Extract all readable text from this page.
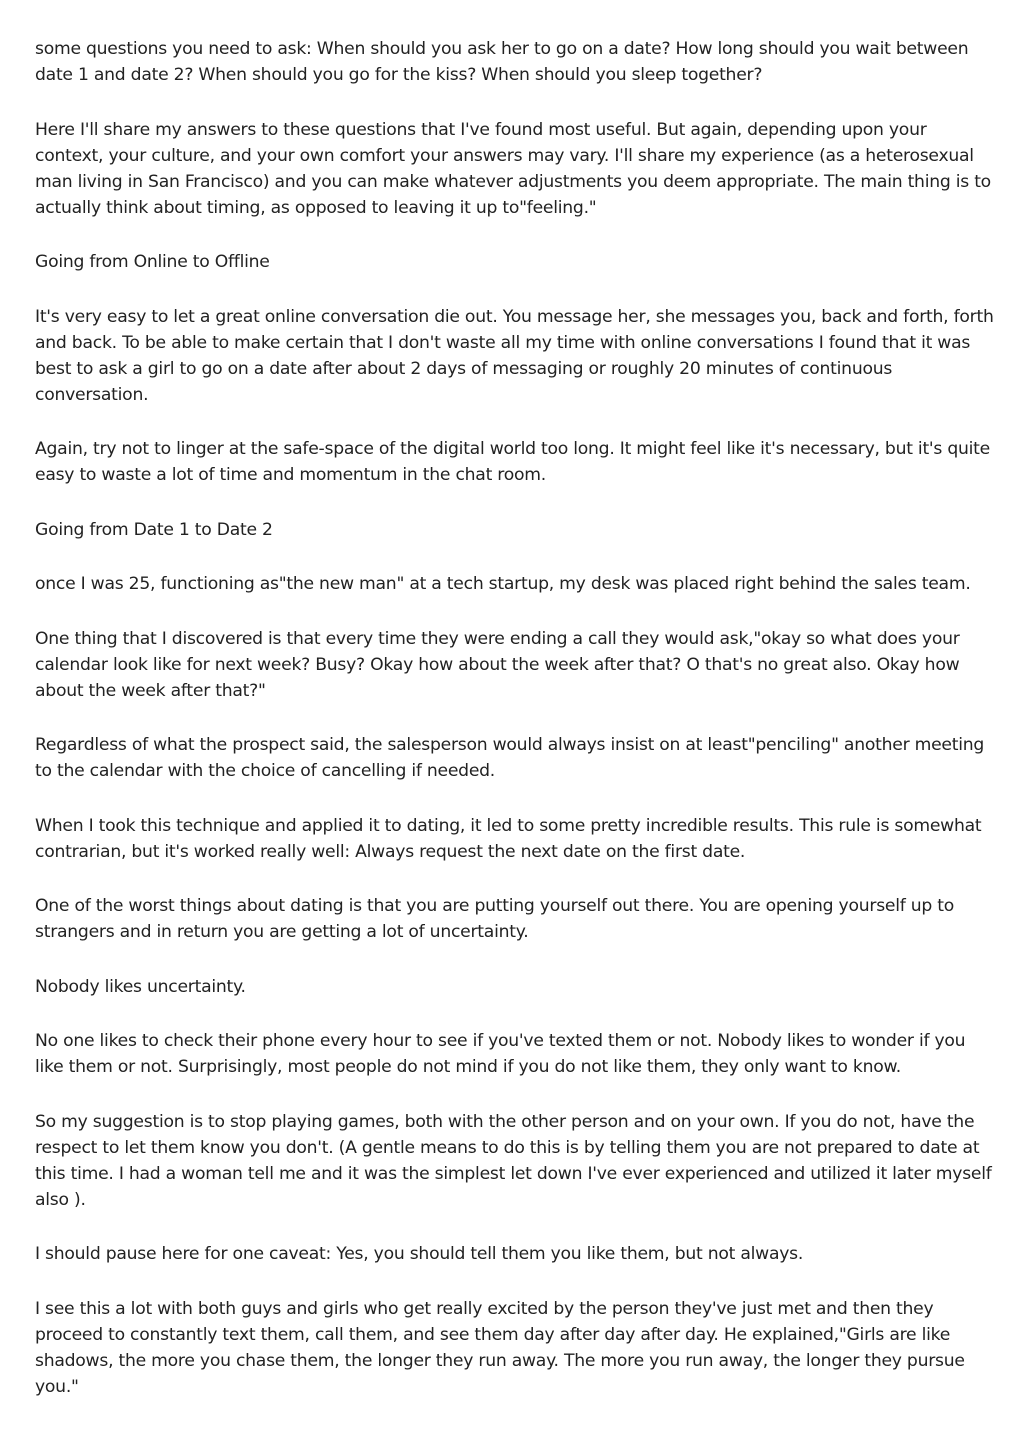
some questions you need to ask: When should you ask her to go on a date? How long should you wait between date 1 and date 2? When should you go for the kiss? When should you sleep together?

Here I'll share my answers to these questions that I've found most useful. But again, depending upon your context, your culture, and your own comfort your answers may vary. I'll share my experience (as a heterosexual man living in San Francisco) and you can make whatever adjustments you deem appropriate. The main thing is to actually think about timing, as opposed to leaving it up to"feeling."

Going from Online to Offline

It's very easy to let a great online conversation die out. You message her, she messages you, back and forth, forth and back. To be able to make certain that I don't waste all my time with online conversations I found that it was best to ask a girl to go on a date after about 2 days of messaging or roughly 20 minutes of continuous conversation.

Again, try not to linger at the safe-space of the digital world too long. It might feel like it's necessary, but it's quite easy to waste a lot of time and momentum in the chat room.

Going from Date 1 to Date 2

once I was 25, functioning as"the new man" at a tech startup, my desk was placed right behind the sales team.

One thing that I discovered is that every time they were ending a call they would ask,"okay so what does your calendar look like for next week? Busy? Okay how about the week after that? O that's no great also. Okay how about the week after that?"

Regardless of what the prospect said, the salesperson would always insist on at least"penciling" another meeting to the calendar with the choice of cancelling if needed.

When I took this technique and applied it to dating, it led to some pretty incredible results. This rule is somewhat contrarian, but it's worked really well: Always request the next date on the first date.

One of the worst things about dating is that you are putting yourself out there. You are opening yourself up to strangers and in return you are getting a lot of uncertainty.

Nobody likes uncertainty.

No one likes to check their phone every hour to see if you've texted them or not. Nobody likes to wonder if you like them or not. Surprisingly, most people do not mind if you do not like them, they only want to know.

So my suggestion is to stop playing games, both with the other person and on your own. If you do not, have the respect to let them know you don't. (A gentle means to do this is by telling them you are not prepared to date at this time. I had a woman tell me and it was the simplest let down I've ever experienced and utilized it later myself also ).

I should pause here for one caveat: Yes, you should tell them you like them, but not always.

I see this a lot with both guys and girls who get really excited by the person they've just met and then they proceed to constantly text them, call them, and see them day after day after day. He explained,"Girls are like shadows, the more you chase them, the longer they run away. The more you run away, the longer they pursue you."
